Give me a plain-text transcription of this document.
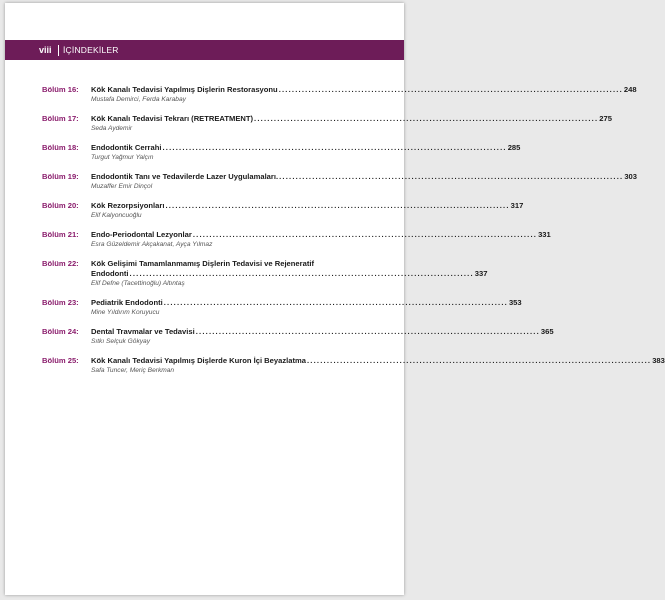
viii	İÇİNDEKİLER
Bölüm 16:	Kök Kanalı Tedavisi Yapılmış Dişlerin Restorasyonu ........................................................................................................ 248
Mustafa Demirci, Ferda Karabay
Bölüm 17:	Kök Kanalı Tedavisi Tekrarı (RETREATMENT) ........................................................................................................ 275
Seda Aydemir
Bölüm 18:	Endodontik Cerrahi ........................................................................................................ 285
Turgut Yağmur Yalçın
Bölüm 19:	Endodontik Tanı ve Tedavilerde Lazer Uygulamaları. ........................................................................................................ 303
Muzaffer Emir Dinçol
Bölüm 20:	Kök Rezorpsiyonları ........................................................................................................ 317
Elif Kalyoncuoğlu
Bölüm 21:	Endo-Periodontal Lezyonlar ........................................................................................................ 331
Esra Güzeldemir Akçakanat, Ayça Yılmaz
Bölüm 22:	Kök Gelişimi Tamamlanmamış Dişlerin Tedavisi ve Rejeneratif
Endodonti ........................................................................................................ 337
Elif Defne (Tacettinoğlu) Altıntaş
Bölüm 23:	Pediatrik Endodonti ........................................................................................................ 353
Mine Yıldırım Koruyucu
Bölüm 24:	Dental Travmalar ve Tedavisi ........................................................................................................ 365
Sıtkı Selçuk Gökyay
Bölüm 25:	Kök Kanalı Tedavisi Yapılmış Dişlerde Kuron İçi Beyazlatma ........................................................................................................ 383
Safa Tuncer, Meriç Berkman
